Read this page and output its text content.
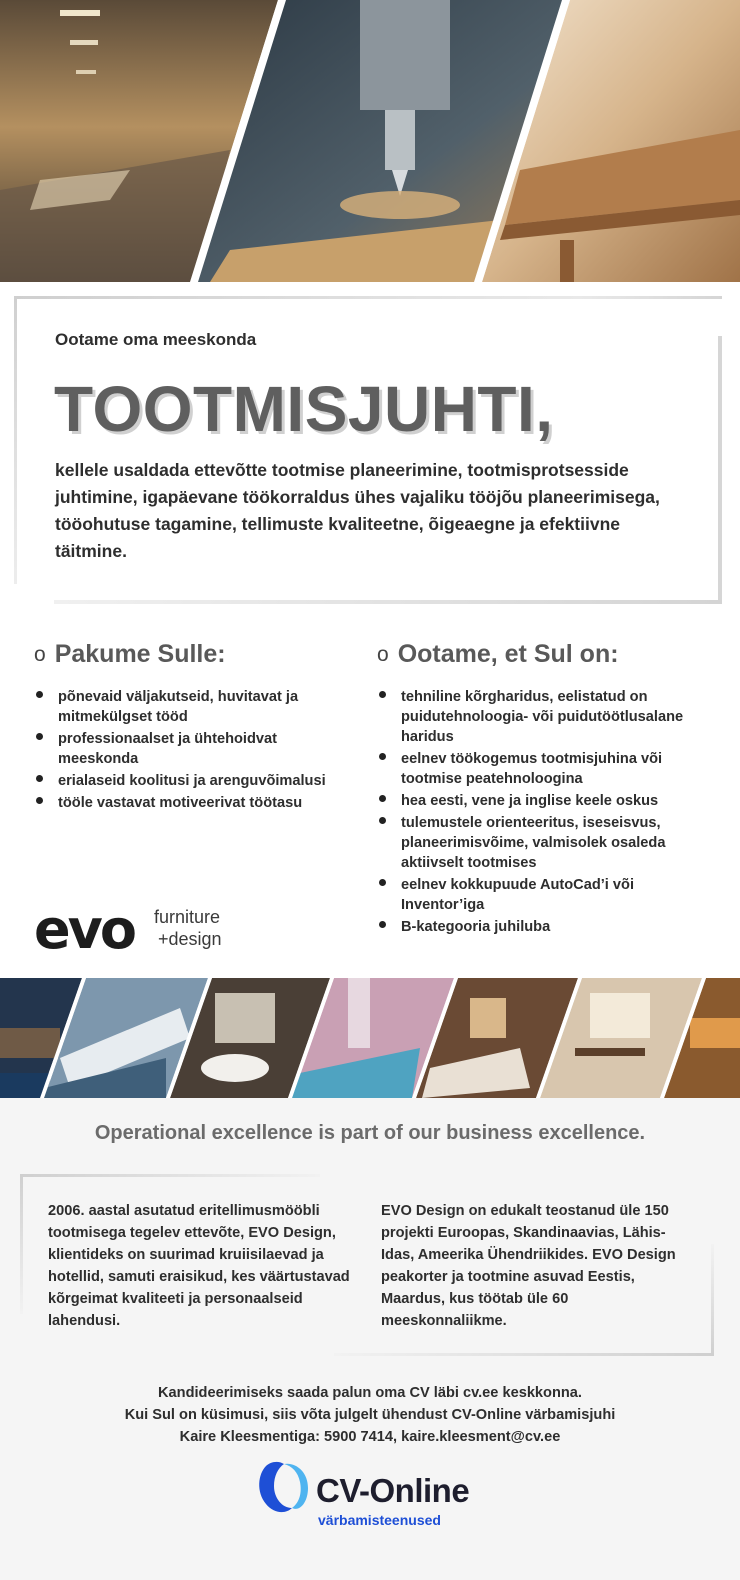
Ootame oma meeskonda
TOOTMISJUHTI,

kellele usaldada ettevõtte tootmise planeerimine, tootmisprotsesside juhtimine, igapäevane töökorraldus ühes vajaliku tööjõu planeerimisega, tööohutuse tagamine, tellimuste kvaliteetne, õigeaegne ja efektiivne täitmine.

o Pakume Sulle:
põnevaid väljakutseid, huvitavat ja mitmekülgset tööd
professionaalset ja ühtehoidvat meeskonda
erialaseid koolitusi ja arenguvõimalusi
tööle vastavat motiveerivat töötasu
o Ootame, et Sul on:
tehniline kõrgharidus, eelistatud on puidutehnoloogia- või puidutöötlusalane haridus
eelnev töökogemus tootmisjuhina või tootmise peatehnoloogina
hea eesti, vene ja inglise keele oskus
tulemustele orienteeritus, iseseisvus, planeerimisvõime, valmisolek osaleda aktiivselt tootmises
eelnev kokkupuude AutoCad’i või Inventor’iga
B-kategooria juhiluba
evo furniture
+design
Operational excellence is part of our business excellence.

2006. aastal asutatud eritellimusmööbli tootmisega tegelev ettevõte, EVO Design, klientideks on suurimad kruiisilaevad ja hotellid, samuti eraisikud, kes väärtustavad kõrgeimat kvaliteeti ja personaalseid lahendusi.

EVO Design on edukalt teostanud üle 150 projekti Euroopas, Skandinaavias, Lähis-Idas, Ameerika Ühendriikides. EVO Design peakorter ja tootmine asuvad Eestis, Maardus, kus töötab üle 60 meeskonnaliikme.

Kandideerimiseks saada palun oma CV läbi cv.ee keskkonna.
Kui Sul on küsimusi, siis võta julgelt ühendust CV-Online värbamisjuhi
Kaire Kleesmentiga: 5900 7414, kaire.kleesment@cv.ee
CV-Online
värbamisteenused
